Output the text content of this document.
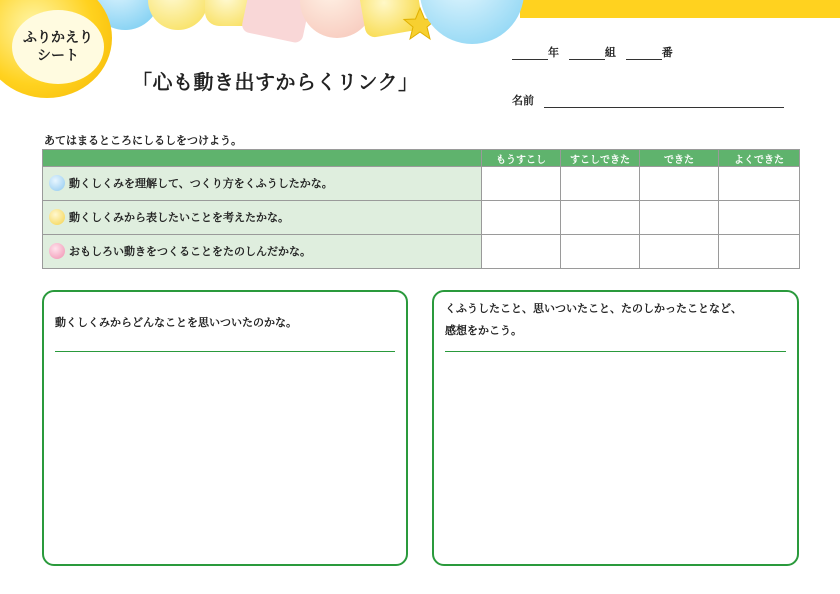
ふりかえり
シート
「心も動き出すからくリンク」
年	組	番
名前
あてはまるところにしるしをつけよう。
	もうすこし	すこしできた	できた	よくできた
動くしくみを理解して、つくり方をくふうしたかな。				
動くしくみから表したいことを考えたかな。				
おもしろい動きをつくることをたのしんだかな。				
動くしくみからどんなことを思いついたのかな。
くふうしたこと、思いついたこと、たのしかったことなど、
感想をかこう。
